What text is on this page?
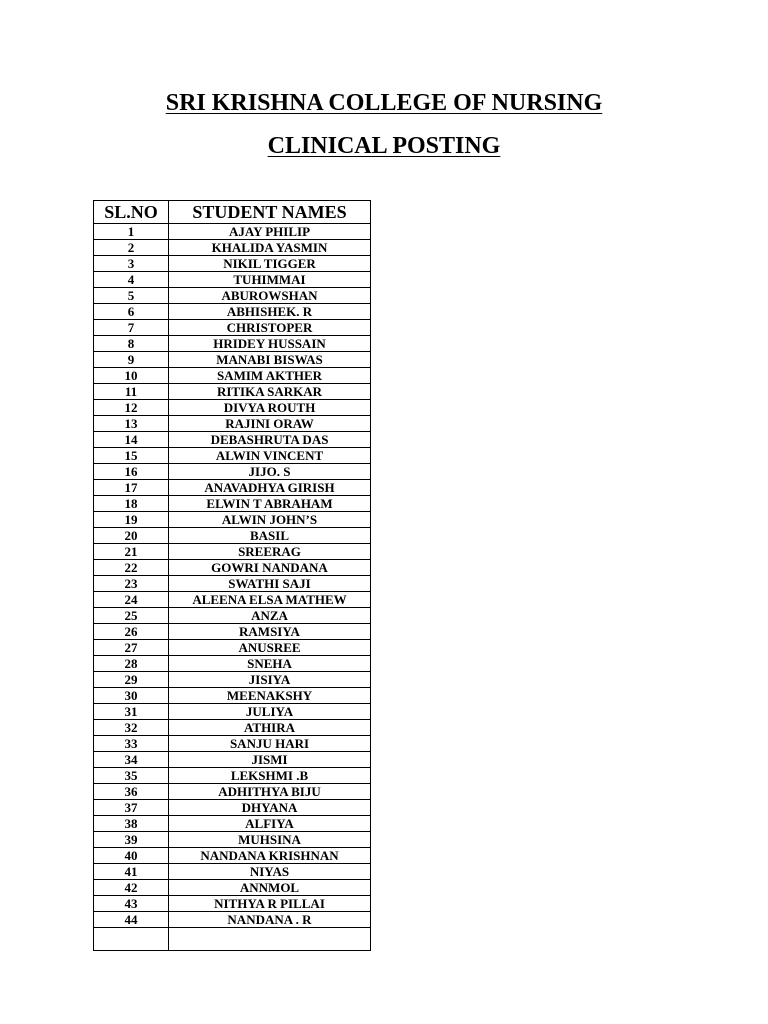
SRI KRISHNA COLLEGE OF NURSING
CLINICAL POSTING
SL.NO	STUDENT NAMES
1	AJAY PHILIP
2	KHALIDA YASMIN
3	NIKIL TIGGER
4	TUHIMMAI
5	ABUROWSHAN
6	ABHISHEK. R
7	CHRISTOPER
8	HRIDEY HUSSAIN
9	MANABI BISWAS
10	SAMIM AKTHER
11	RITIKA SARKAR
12	DIVYA ROUTH
13	RAJINI ORAW
14	DEBASHRUTA DAS
15	ALWIN VINCENT
16	JIJO. S
17	ANAVADHYA GIRISH
18	ELWIN T ABRAHAM
19	ALWIN JOHN’S
20	BASIL
21	SREERAG
22	GOWRI NANDANA
23	SWATHI SAJI
24	ALEENA ELSA MATHEW
25	ANZA
26	RAMSIYA
27	ANUSREE
28	SNEHA
29	JISIYA
30	MEENAKSHY
31	JULIYA
32	ATHIRA
33	SANJU HARI
34	JISMI
35	LEKSHMI .B
36	ADHITHYA BIJU
37	DHYANA
38	ALFIYA
39	MUHSINA
40	NANDANA KRISHNAN
41	NIYAS
42	ANNMOL
43	NITHYA R PILLAI
44	NANDANA . R
